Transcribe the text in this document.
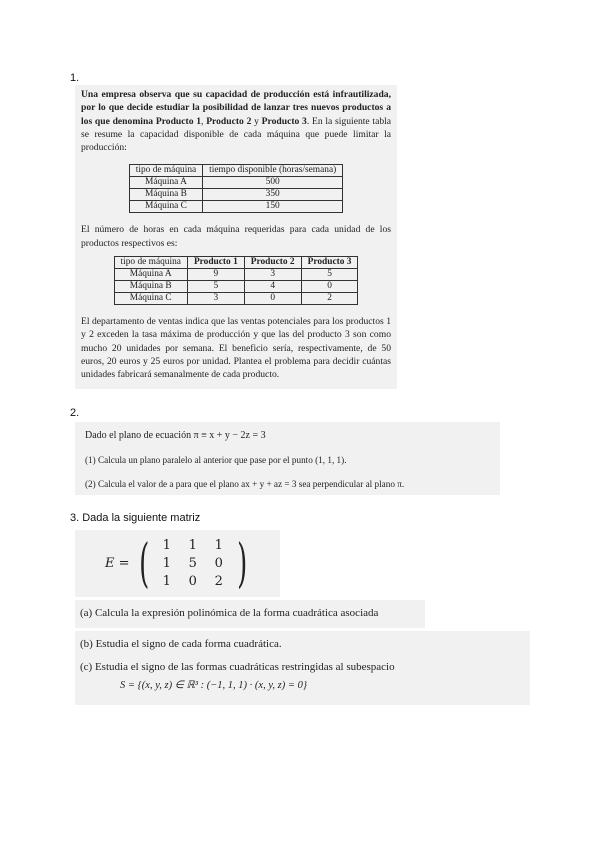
1.

Una empresa observa que su capacidad de producción está infrautilizada, por lo que decide estudiar la posibilidad de lanzar tres nuevos productos a los que denomina Producto 1, Producto 2 y Producto 3. En la siguiente tabla se resume la capacidad disponible de cada máquina que puede limitar la producción:

tipo de máquina	tiempo disponible (horas/semana)
Máquina A	500
Máquina B	350
Máquina C	150

El número de horas en cada máquina requeridas para cada unidad de los productos respectivos es:

tipo de máquina	Producto 1	Producto 2	Producto 3
Máquina A	9	3	5
Máquina B	5	4	0
Máquina C	3	0	2

El departamento de ventas indica que las ventas potenciales para los productos 1 y 2 exceden la tasa máxima de producción y que las del producto 3 son como mucho 20 unidades por semana. El beneficio sería, respectivamente, de 50 euros, 20 euros y 25 euros por unidad. Plantea el problema para decidir cuántas unidades fabricará semanalmente de cada producto.

2.

Dado el plano de ecuación π ≡ x + y − 2z = 3

(1) Calcula un plano paralelo al anterior que pase por el punto (1, 1, 1).

(2) Calcula el valor de a para que el plano ax + y + az = 3 sea perpendicular al plano π.

3. Dada la siguiente matriz
E = (	1	1	1
1	5	0
1	0	2 )

(a) Calcula la expresión polinómica de la forma cuadrática asociada

(b) Estudia el signo de cada forma cuadrática.

(c) Estudia el signo de las formas cuadráticas restringidas al subespacio

S = {(x, y, z) ∈ ℝ³ : (−1, 1, 1) · (x, y, z) = 0}
